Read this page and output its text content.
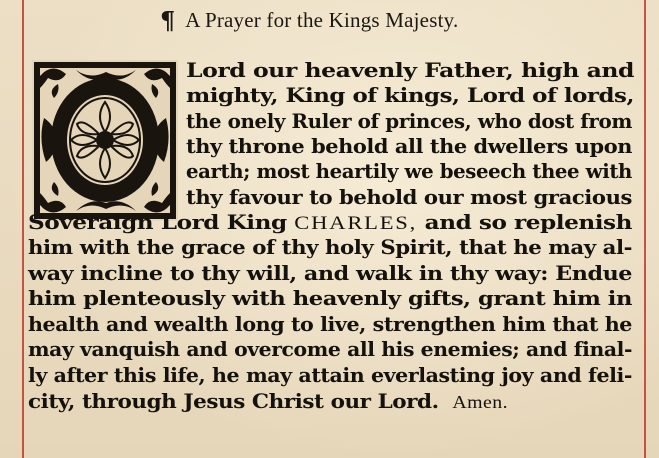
¶ A Prayer for the Kings Majesty.
Lord our heavenly Father, high and
mighty, King of kings, Lord of lords,
the onely Ruler of princes, who dost from
thy throne behold all the dwellers upon
earth; most heartily we beseech thee with
thy favour to behold our most gracious
Soveraign Lord King CHARLES, and so replenish
him with the grace of thy holy Spirit, that he may al-
way incline to thy will, and walk in thy way: Endue
him plenteously with heavenly gifts, grant him in
health and wealth long to live, strengthen him that he
may vanquish and overcome all his enemies; and final-
ly after this life, he may attain everlasting joy and feli-
city, through Jesus Christ our Lord. Amen.
